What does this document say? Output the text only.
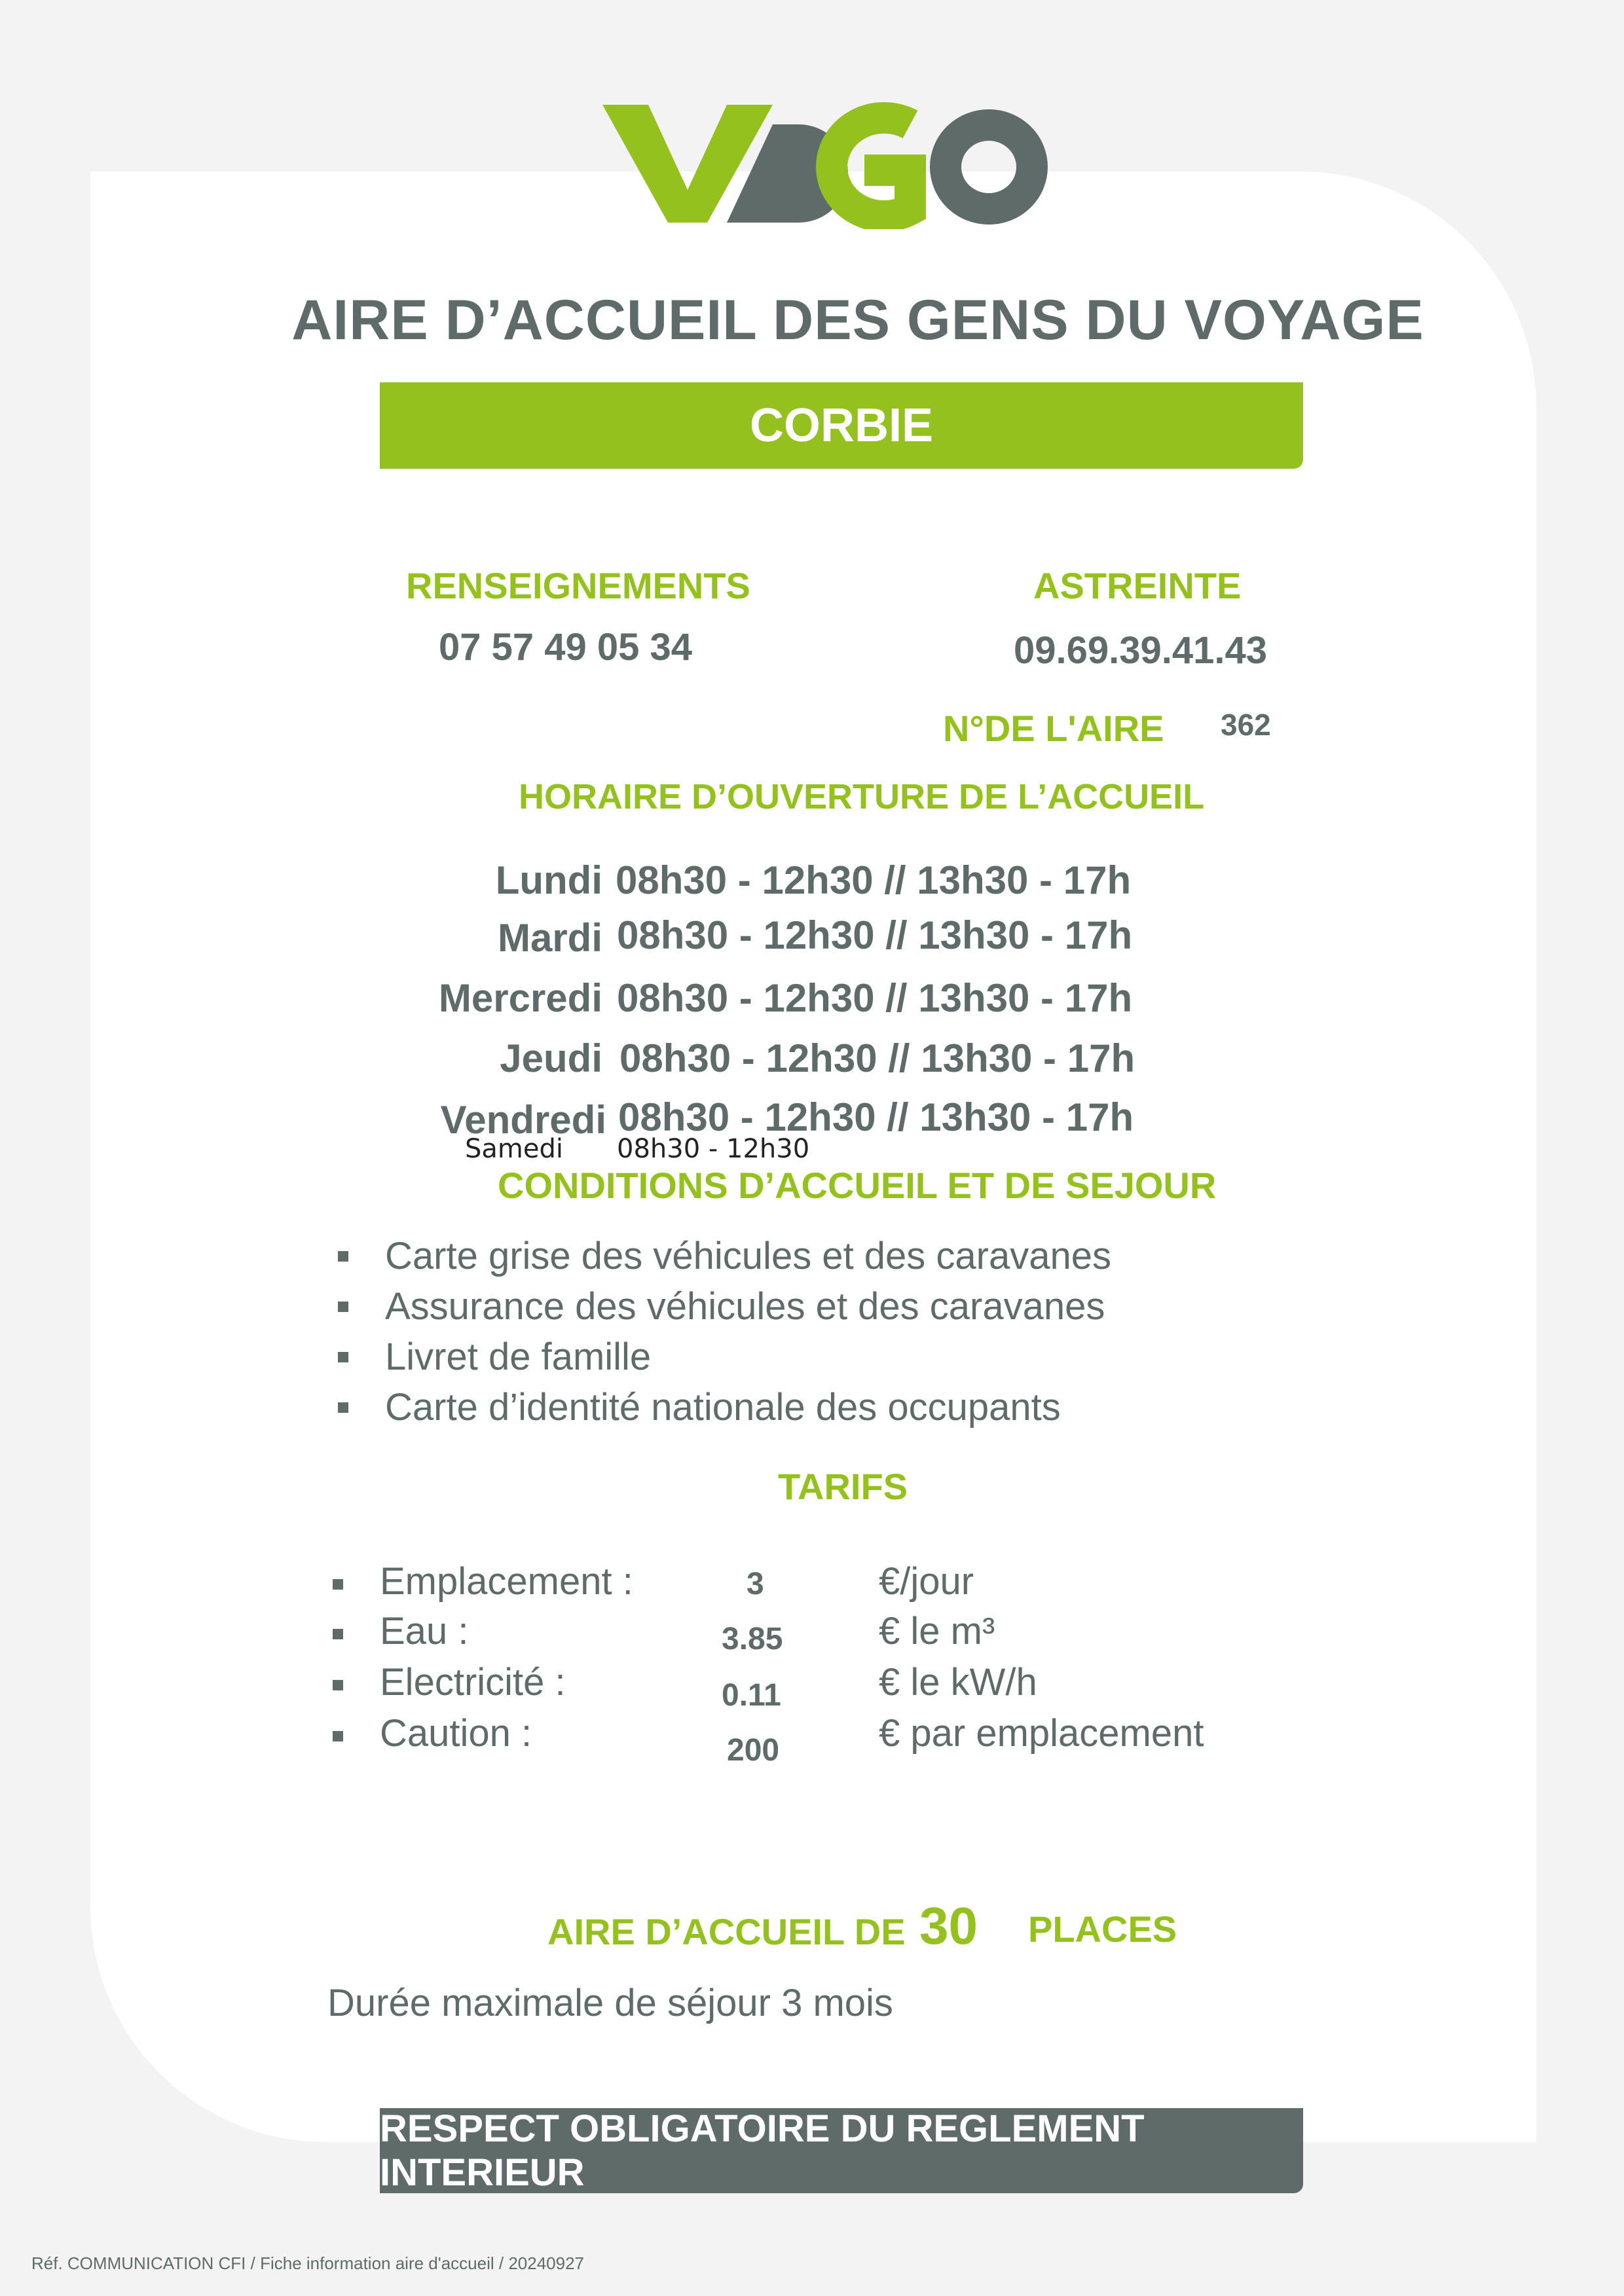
AIRE D’ACCUEIL DES GENS DU VOYAGE
CORBIE
RENSEIGNEMENTS
07 57 49 05 34
ASTREINTE
09.69.39.41.43
N°DE L'AIRE 362
HORAIRE D’OUVERTURE DE L’ACCUEIL
Lundi 08h30 - 12h30 // 13h30 - 17h
Mardi 08h30 - 12h30 // 13h30 - 17h
Mercredi 08h30 - 12h30 // 13h30 - 17h
Jeudi 08h30 - 12h30 // 13h30 - 17h
Vendredi 08h30 - 12h30 // 13h30 - 17h
Samedi 08h30 - 12h30
CONDITIONS D’ACCUEIL ET DE SEJOUR
Carte grise des véhicules et des caravanes
Assurance des véhicules et des caravanes
Livret de famille
Carte d’identité nationale des occupants
TARIFS
Emplacement :	3	€/jour
Eau :	3.85	€ le m³
Electricité :	0.11	€ le kW/h
Caution :	200	€ par emplacement
AIRE D’ACCUEIL DE 30 PLACES
Durée maximale de séjour 3 mois
RESPECT OBLIGATOIRE DU REGLEMENT INTERIEUR
Réf. COMMUNICATION CFI / Fiche information aire d'accueil / 20240927
